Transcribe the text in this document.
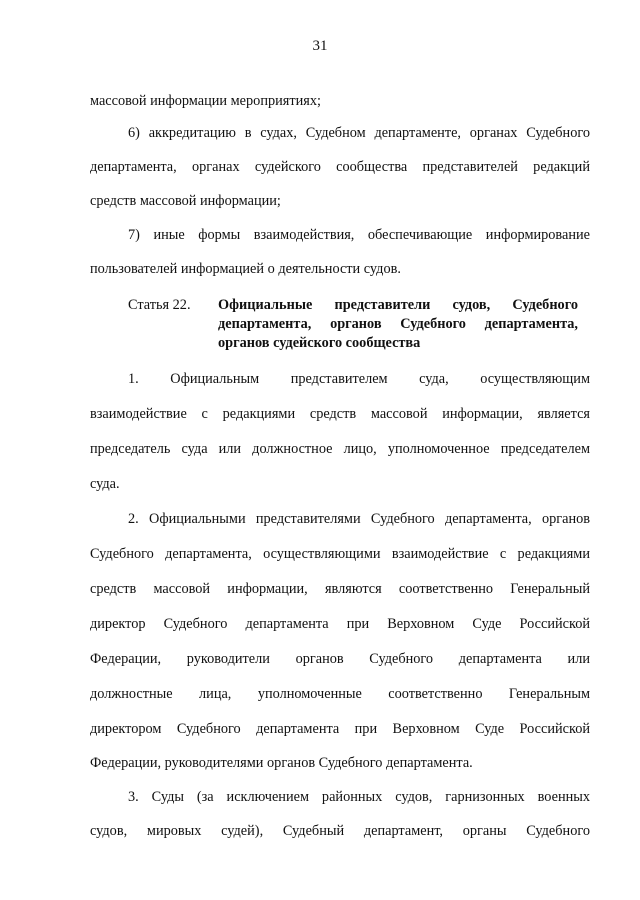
31
массовой информации мероприятиях;
6) аккредитацию в судах, Судебном департаменте, органах Судебного
департамента, органах судейского сообщества представителей редакций
средств массовой информации;
7) иные формы взаимодействия, обеспечивающие информирование
пользователей информацией о деятельности судов.
Статья 22. Официальные представители судов, Судебного
департамента, органов Судебного департамента,
органов судейского сообщества
1. Официальным представителем суда, осуществляющим
взаимодействие с редакциями средств массовой информации, является
председатель суда или должностное лицо, уполномоченное председателем
суда.
2. Официальными представителями Судебного департамента, органов
Судебного департамента, осуществляющими взаимодействие с редакциями
средств массовой информации, являются соответственно Генеральный
директор Судебного департамента при Верховном Суде Российской
Федерации, руководители органов Судебного департамента или
должностные лица, уполномоченные соответственно Генеральным
директором Судебного департамента при Верховном Суде Российской
Федерации, руководителями органов Судебного департамента.
3. Суды (за исключением районных судов, гарнизонных военных
судов, мировых судей), Судебный департамент, органы Судебного
